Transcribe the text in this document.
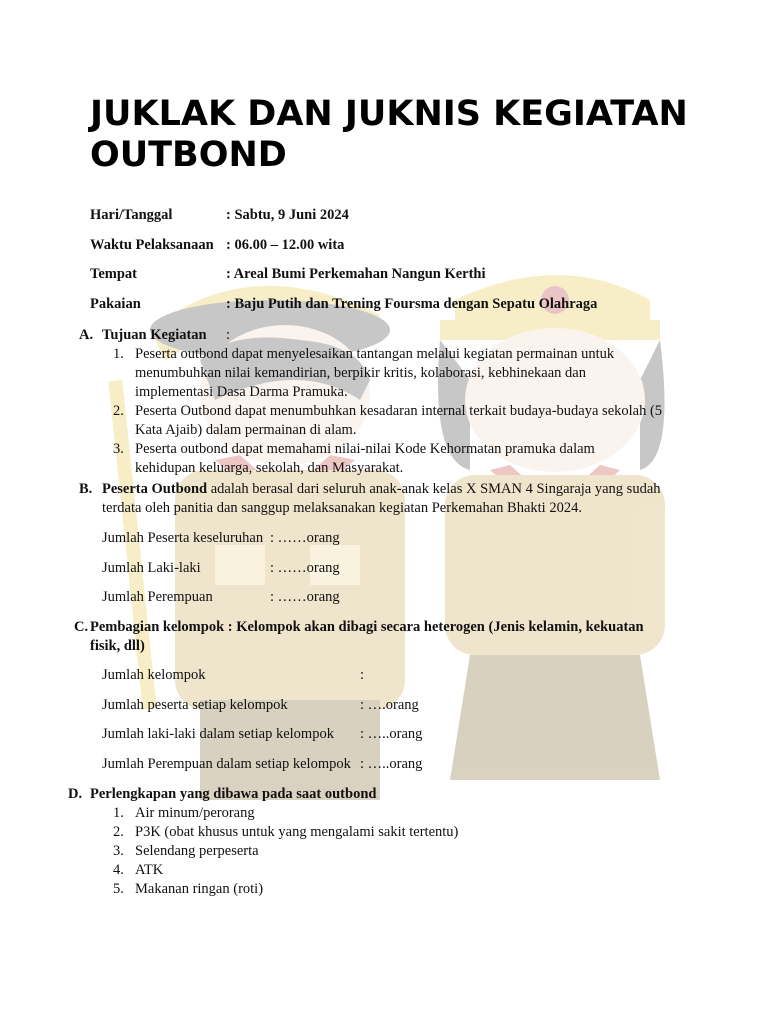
JUKLAK DAN JUKNIS KEGIATAN OUTBOND
Hari/Tanggal	: Sabtu, 9 Juni 2024
Waktu Pelaksanaan : 06.00 – 12.00 wita
Tempat	: Areal Bumi Perkemahan Nangun Kerthi
Pakaian	: Baju Putih dan Trening Foursma dengan Sepatu Olahraga
A. Tujuan Kegiatan :
1. Peserta outbond dapat menyelesaikan tantangan melalui kegiatan permainan untuk menumbuhkan nilai kemandirian, berpikir kritis, kolaborasi, kebhinekaan dan implementasi Dasa Darma Pramuka.
2. Peserta Outbond dapat menumbuhkan kesadaran internal terkait budaya-budaya sekolah (5 Kata Ajaib) dalam permainan di alam.
3. Peserta outbond dapat memahami nilai-nilai Kode Kehormatan pramuka dalam kehidupan keluarga, sekolah, dan Masyarakat.
B. Peserta Outbond adalah berasal dari seluruh anak-anak kelas X SMAN 4 Singaraja yang sudah terdata oleh panitia dan sanggup melaksanakan kegiatan Perkemahan Bhakti 2024.
Jumlah Peserta keseluruhan : ……orang
Jumlah Laki-laki	: ……orang
Jumlah Perempuan	: ……orang
C. Pembagian kelompok : Kelompok akan dibagi secara heterogen (Jenis kelamin, kekuatan fisik, dll)
Jumlah kelompok	:
Jumlah peserta setiap kelompok	: ….orang
Jumlah laki-laki dalam setiap kelompok : …..orang
Jumlah Perempuan dalam setiap kelompok : …..orang
D. Perlengkapan yang dibawa pada saat outbond
1. Air minum/perorang
2. P3K (obat khusus untuk yang mengalami sakit tertentu)
3. Selendang perpeserta
4. ATK
5. Makanan ringan (roti)
